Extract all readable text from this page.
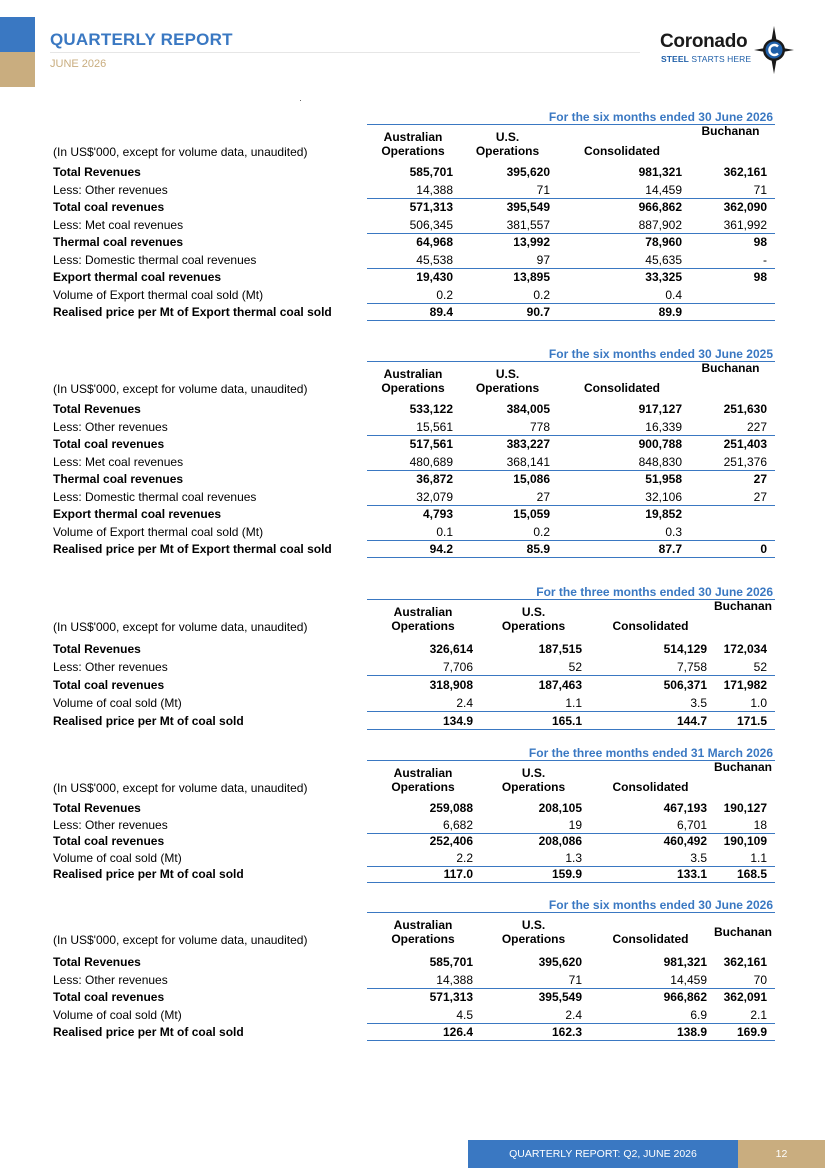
QUARTERLY REPORT
JUNE 2026
Coronado
STEEL STARTS HERE
For the six months ended 30 June 2026
Australian
Operations
U.S.
Operations	Consolidated
Buchanan
(In US$'000, except for volume data, unaudited)
Total Revenues	585,701	395,620	981,321	362,161
Less: Other revenues	14,388	71	14,459	71
Total coal revenues	571,313	395,549	966,862	362,090
Less: Met coal revenues	506,345	381,557	887,902	361,992
Thermal coal revenues	64,968	13,992	78,960	98
Less: Domestic thermal coal revenues	45,538	97	45,635	-
Export thermal coal revenues	19,430	13,895	33,325	98
Volume of Export thermal coal sold (Mt)	0.2	0.2	0.4
Realised price per Mt of Export thermal coal sold	89.4	90.7	89.9
For the six months ended 30 June 2025
Australian
Operations
U.S.
Operations	Consolidated
Buchanan
(In US$'000, except for volume data, unaudited)
Total Revenues	533,122	384,005	917,127	251,630
Less: Other revenues	15,561	778	16,339	227
Total coal revenues	517,561	383,227	900,788	251,403
Less: Met coal revenues	480,689	368,141	848,830	251,376
Thermal coal revenues	36,872	15,086	51,958	27
Less: Domestic thermal coal revenues	32,079	27	32,106	27
Export thermal coal revenues	4,793	15,059	19,852
Volume of Export thermal coal sold (Mt)	0.1	0.2	0.3
Realised price per Mt of Export thermal coal sold	94.2	85.9	87.7	0
For the three months ended 30 June 2026
Australian
Operations
U.S.
Operations	Consolidated
Buchanan
(In US$'000, except for volume data, unaudited)
Total Revenues	326,614	187,515	514,129	172,034
Less: Other revenues	7,706	52	7,758	52
Total coal revenues	318,908	187,463	506,371	171,982
Volume of coal sold (Mt)	2.4	1.1	3.5	1.0
Realised price per Mt of coal sold	134.9	165.1	144.7	171.5
For the three months ended 31 March 2026
Australian
Operations
U.S.
Operations	Consolidated
Buchanan
(In US$'000, except for volume data, unaudited)
Total Revenues	259,088	208,105	467,193	190,127
Less: Other revenues	6,682	19	6,701	18
Total coal revenues	252,406	208,086	460,492	190,109
Volume of coal sold (Mt)	2.2	1.3	3.5	1.1
Realised price per Mt of coal sold	117.0	159.9	133.1	168.5
For the six months ended 30 June 2026
Australian
Operations
U.S.
Operations	Consolidated	Buchanan
(In US$'000, except for volume data, unaudited)
Total Revenues	585,701	395,620	981,321	362,161
Less: Other revenues	14,388	71	14,459	70
Total coal revenues	571,313	395,549	966,862	362,091
Volume of coal sold (Mt)	4.5	2.4	6.9	2.1
Realised price per Mt of coal sold	126.4	162.3	138.9	169.9
QUARTERLY REPORT: Q2, JUNE 2026	12
